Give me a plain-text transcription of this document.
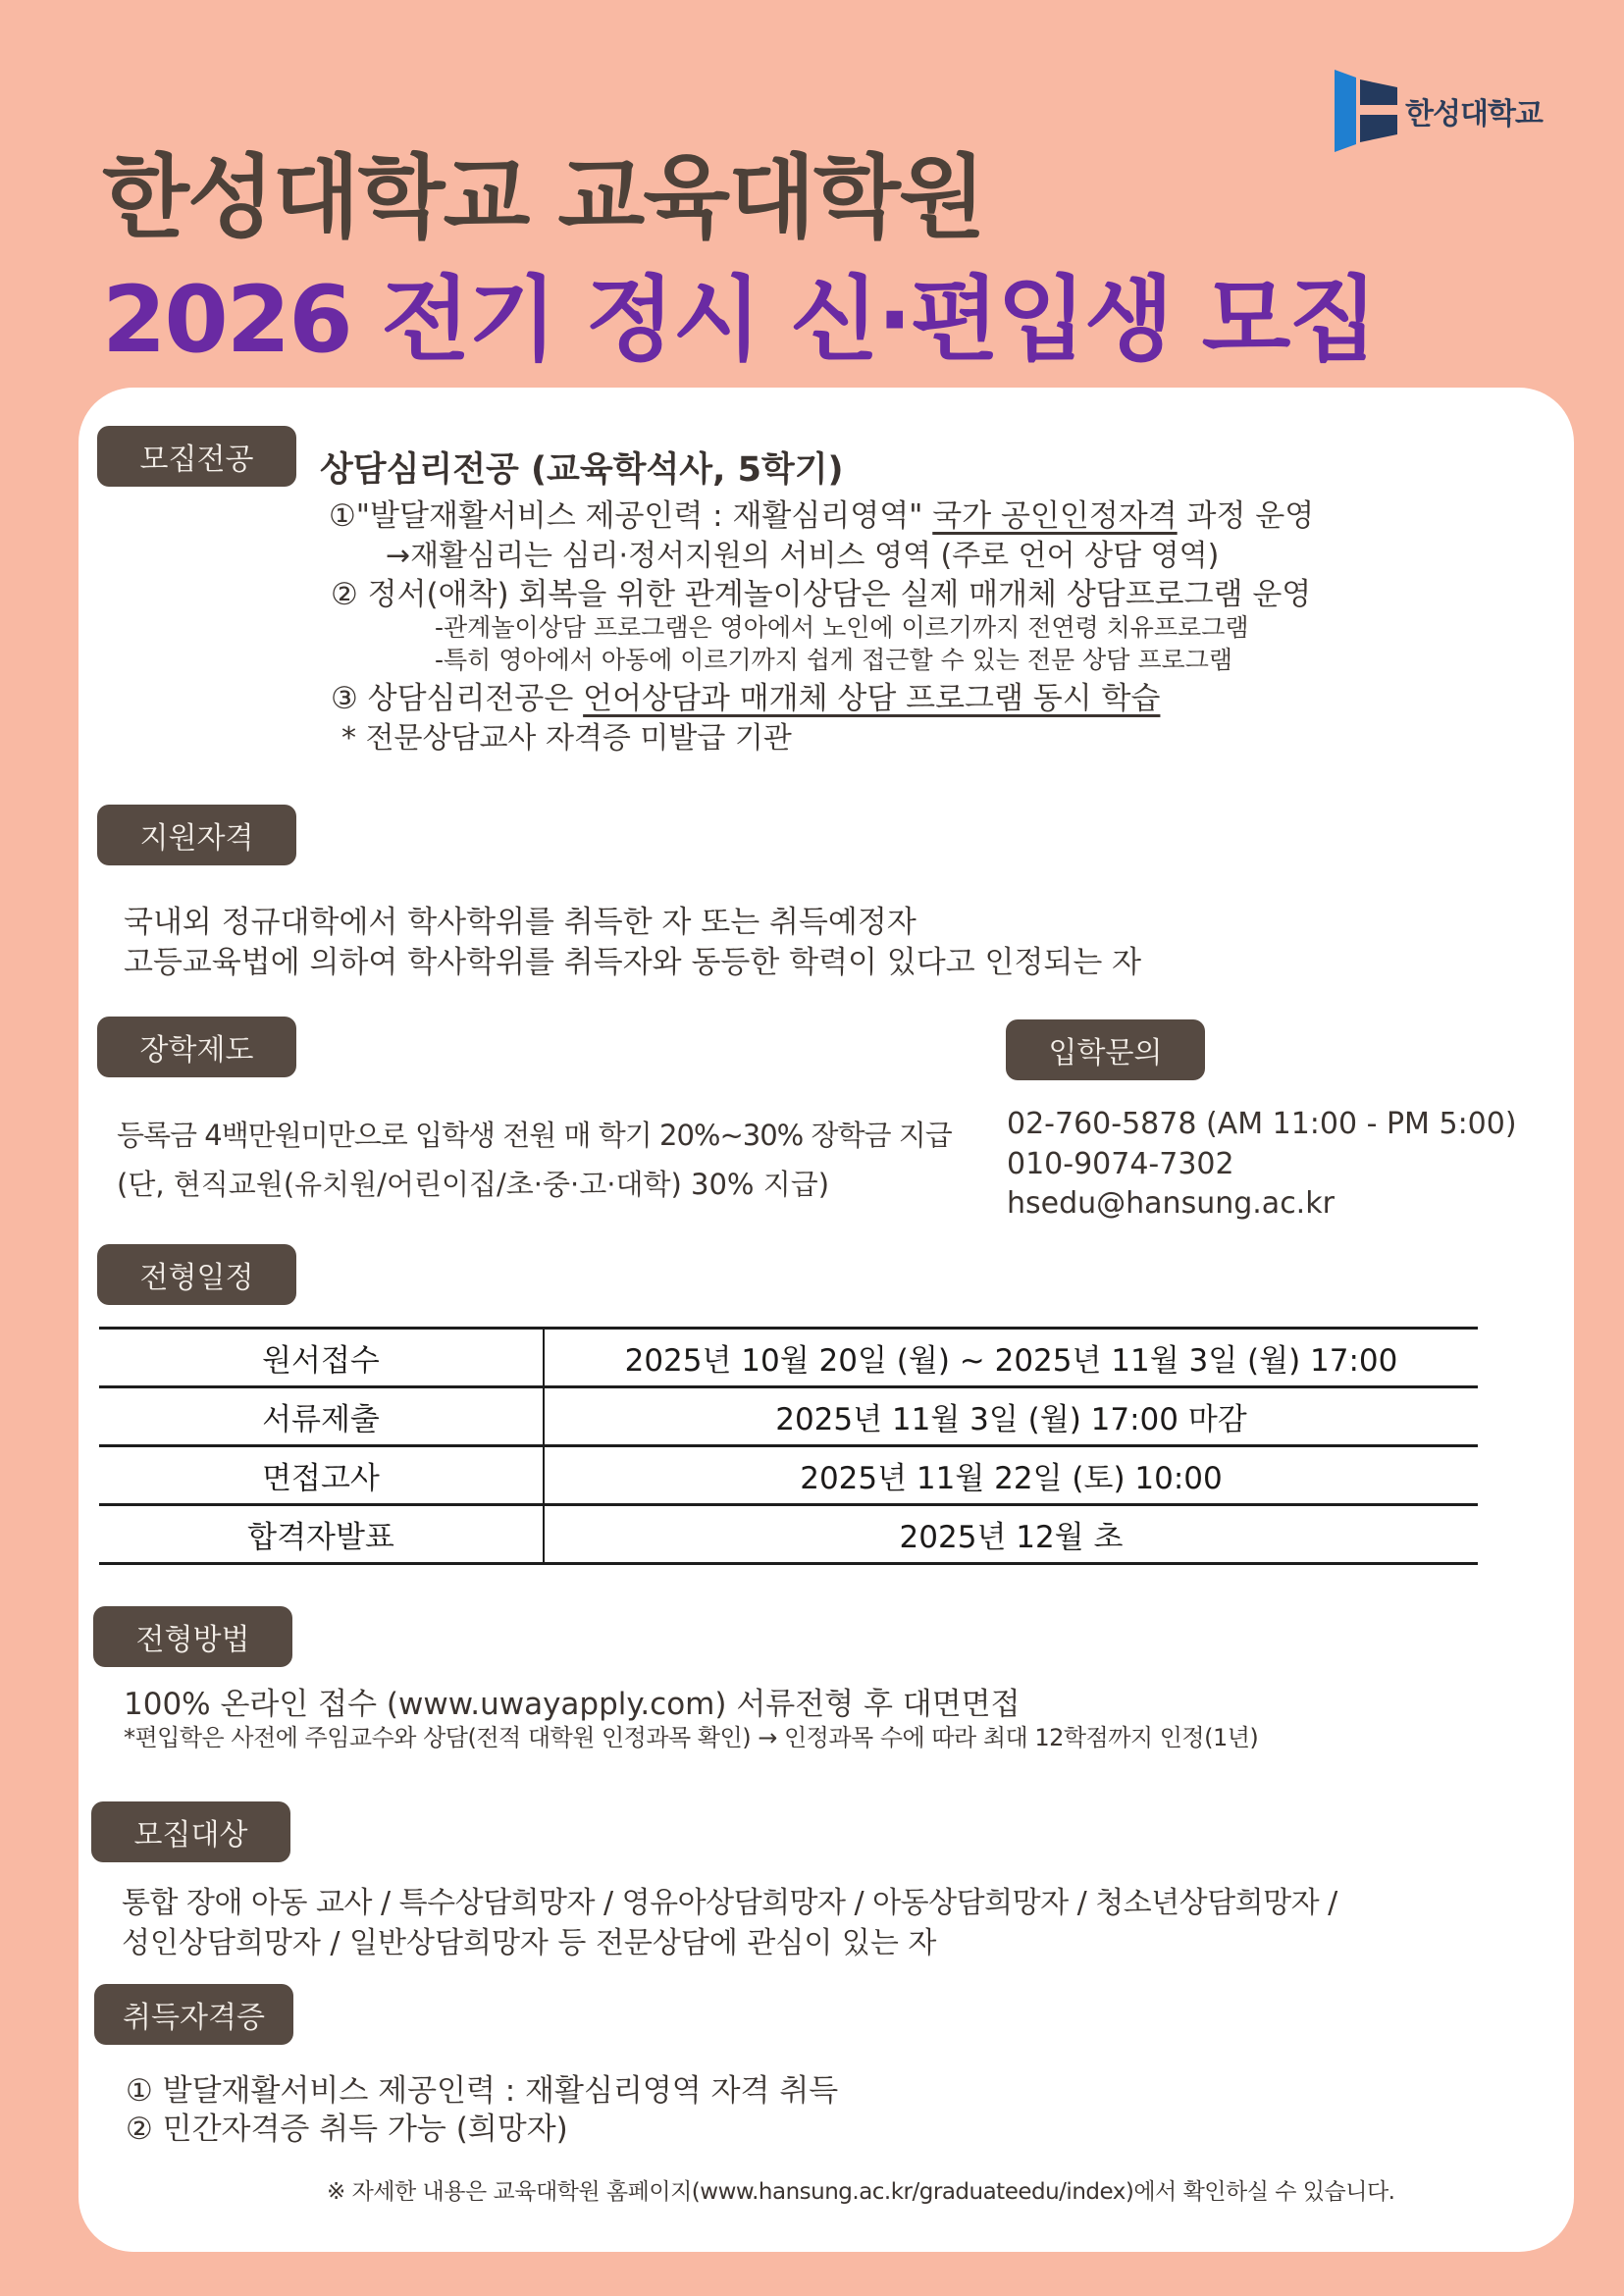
한성대학교
한성대학교 교육대학원
2026 전기 정시 신·편입생 모집
모집전공	상담심리전공 (교육학석사, 5학기)
①"발달재활서비스 제공인력 : 재활심리영역" 국가 공인인정자격 과정 운영
→재활심리는 심리·정서지원의 서비스 영역 (주로 언어 상담 영역)
② 정서(애착) 회복을 위한 관계놀이상담은 실제 매개체 상담프로그램 운영
-관계놀이상담 프로그램은 영아에서 노인에 이르기까지 전연령 치유프로그램
-특히 영아에서 아동에 이르기까지 쉽게 접근할 수 있는 전문 상담 프로그램
③ 상담심리전공은 언어상담과 매개체 상담 프로그램 동시 학습
* 전문상담교사 자격증 미발급 기관
지원자격
국내외 정규대학에서 학사학위를 취득한 자 또는 취득예정자
고등교육법에 의하여 학사학위를 취득자와 동등한 학력이 있다고 인정되는 자
장학제도
등록금 4백만원미만으로 입학생 전원 매 학기 20%~30% 장학금 지급
(단, 현직교원(유치원/어린이집/초·중·고·대학) 30% 지급)
입학문의
02-760-5878 (AM 11:00 - PM 5:00)
010-9074-7302
hsedu@hansung.ac.kr
전형일정
원서접수	2025년 10월 20일 (월) ~ 2025년 11월 3일 (월) 17:00
서류제출	2025년 11월 3일 (월) 17:00 마감
면접고사	2025년 11월 22일 (토) 10:00
합격자발표	2025년 12월 초
전형방법
100% 온라인 접수 (www.uwayapply.com) 서류전형 후 대면면접
*편입학은 사전에 주임교수와 상담(전적 대학원 인정과목 확인) → 인정과목 수에 따라 최대 12학점까지 인정(1년)
모집대상
통합 장애 아동 교사 / 특수상담희망자 / 영유아상담희망자 / 아동상담희망자 / 청소년상담희망자 /
성인상담희망자 / 일반상담희망자 등 전문상담에 관심이 있는 자
취득자격증
① 발달재활서비스 제공인력 : 재활심리영역 자격 취득
② 민간자격증 취득 가능 (희망자)
※ 자세한 내용은 교육대학원 홈페이지(www.hansung.ac.kr/graduateedu/index)에서 확인하실 수 있습니다.
